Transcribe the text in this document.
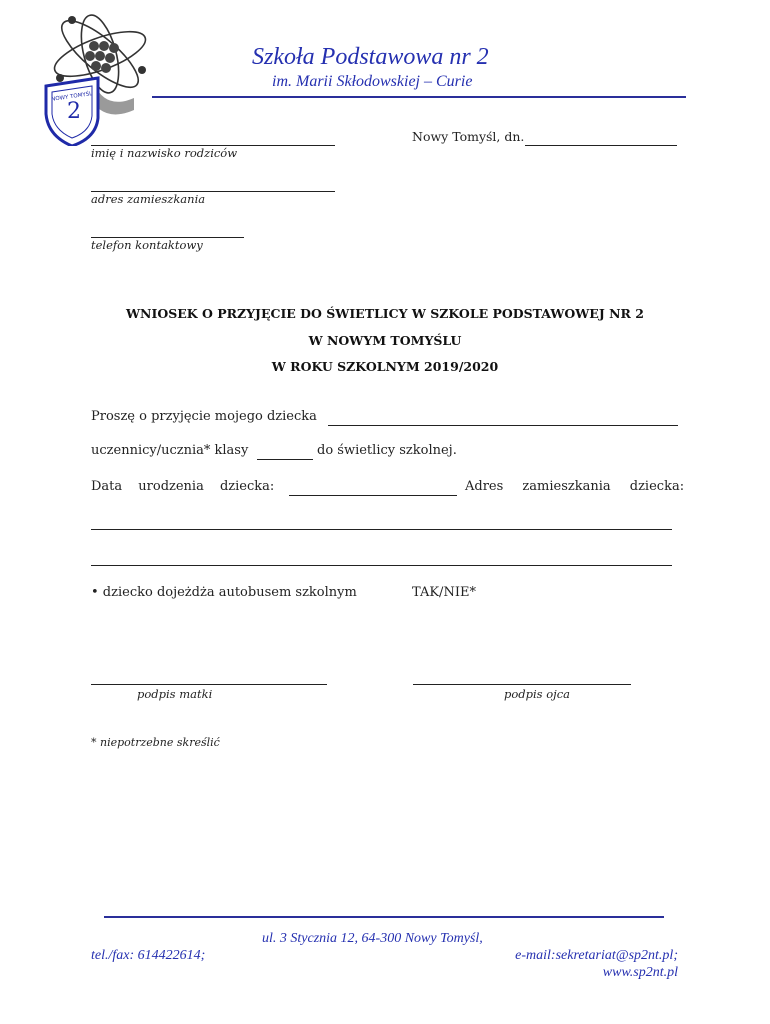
2
NOWY TOMYŚL
Szkoła Podstawowa nr 2
im. Marii Skłodowskiej – Curie
imię i nazwisko rodziców
Nowy Tomyśl, dn.
adres zamieszkania
telefon kontaktowy
WNIOSEK O PRZYJĘCIE DO ŚWIETLICY W SZKOLE PODSTAWOWEJ NR 2
W NOWYM TOMYŚLU
W ROKU SZKOLNYM 2019/2020
Proszę o przyjęcie mojego dziecka
uczennicy/ucznia* klasy	do świetlicy szkolnej.
Data urodzenia dziecka:	Adres zamieszkania dziecka:
• dziecko dojeżdża autobusem szkolnym	TAK/NIE*
podpis matki	podpis ojca
* niepotrzebne skreślić
ul. 3 Stycznia 12, 64-300 Nowy Tomyśl,
tel./fax: 614422614;	e-mail:sekretariat@sp2nt.pl;
www.sp2nt.pl
